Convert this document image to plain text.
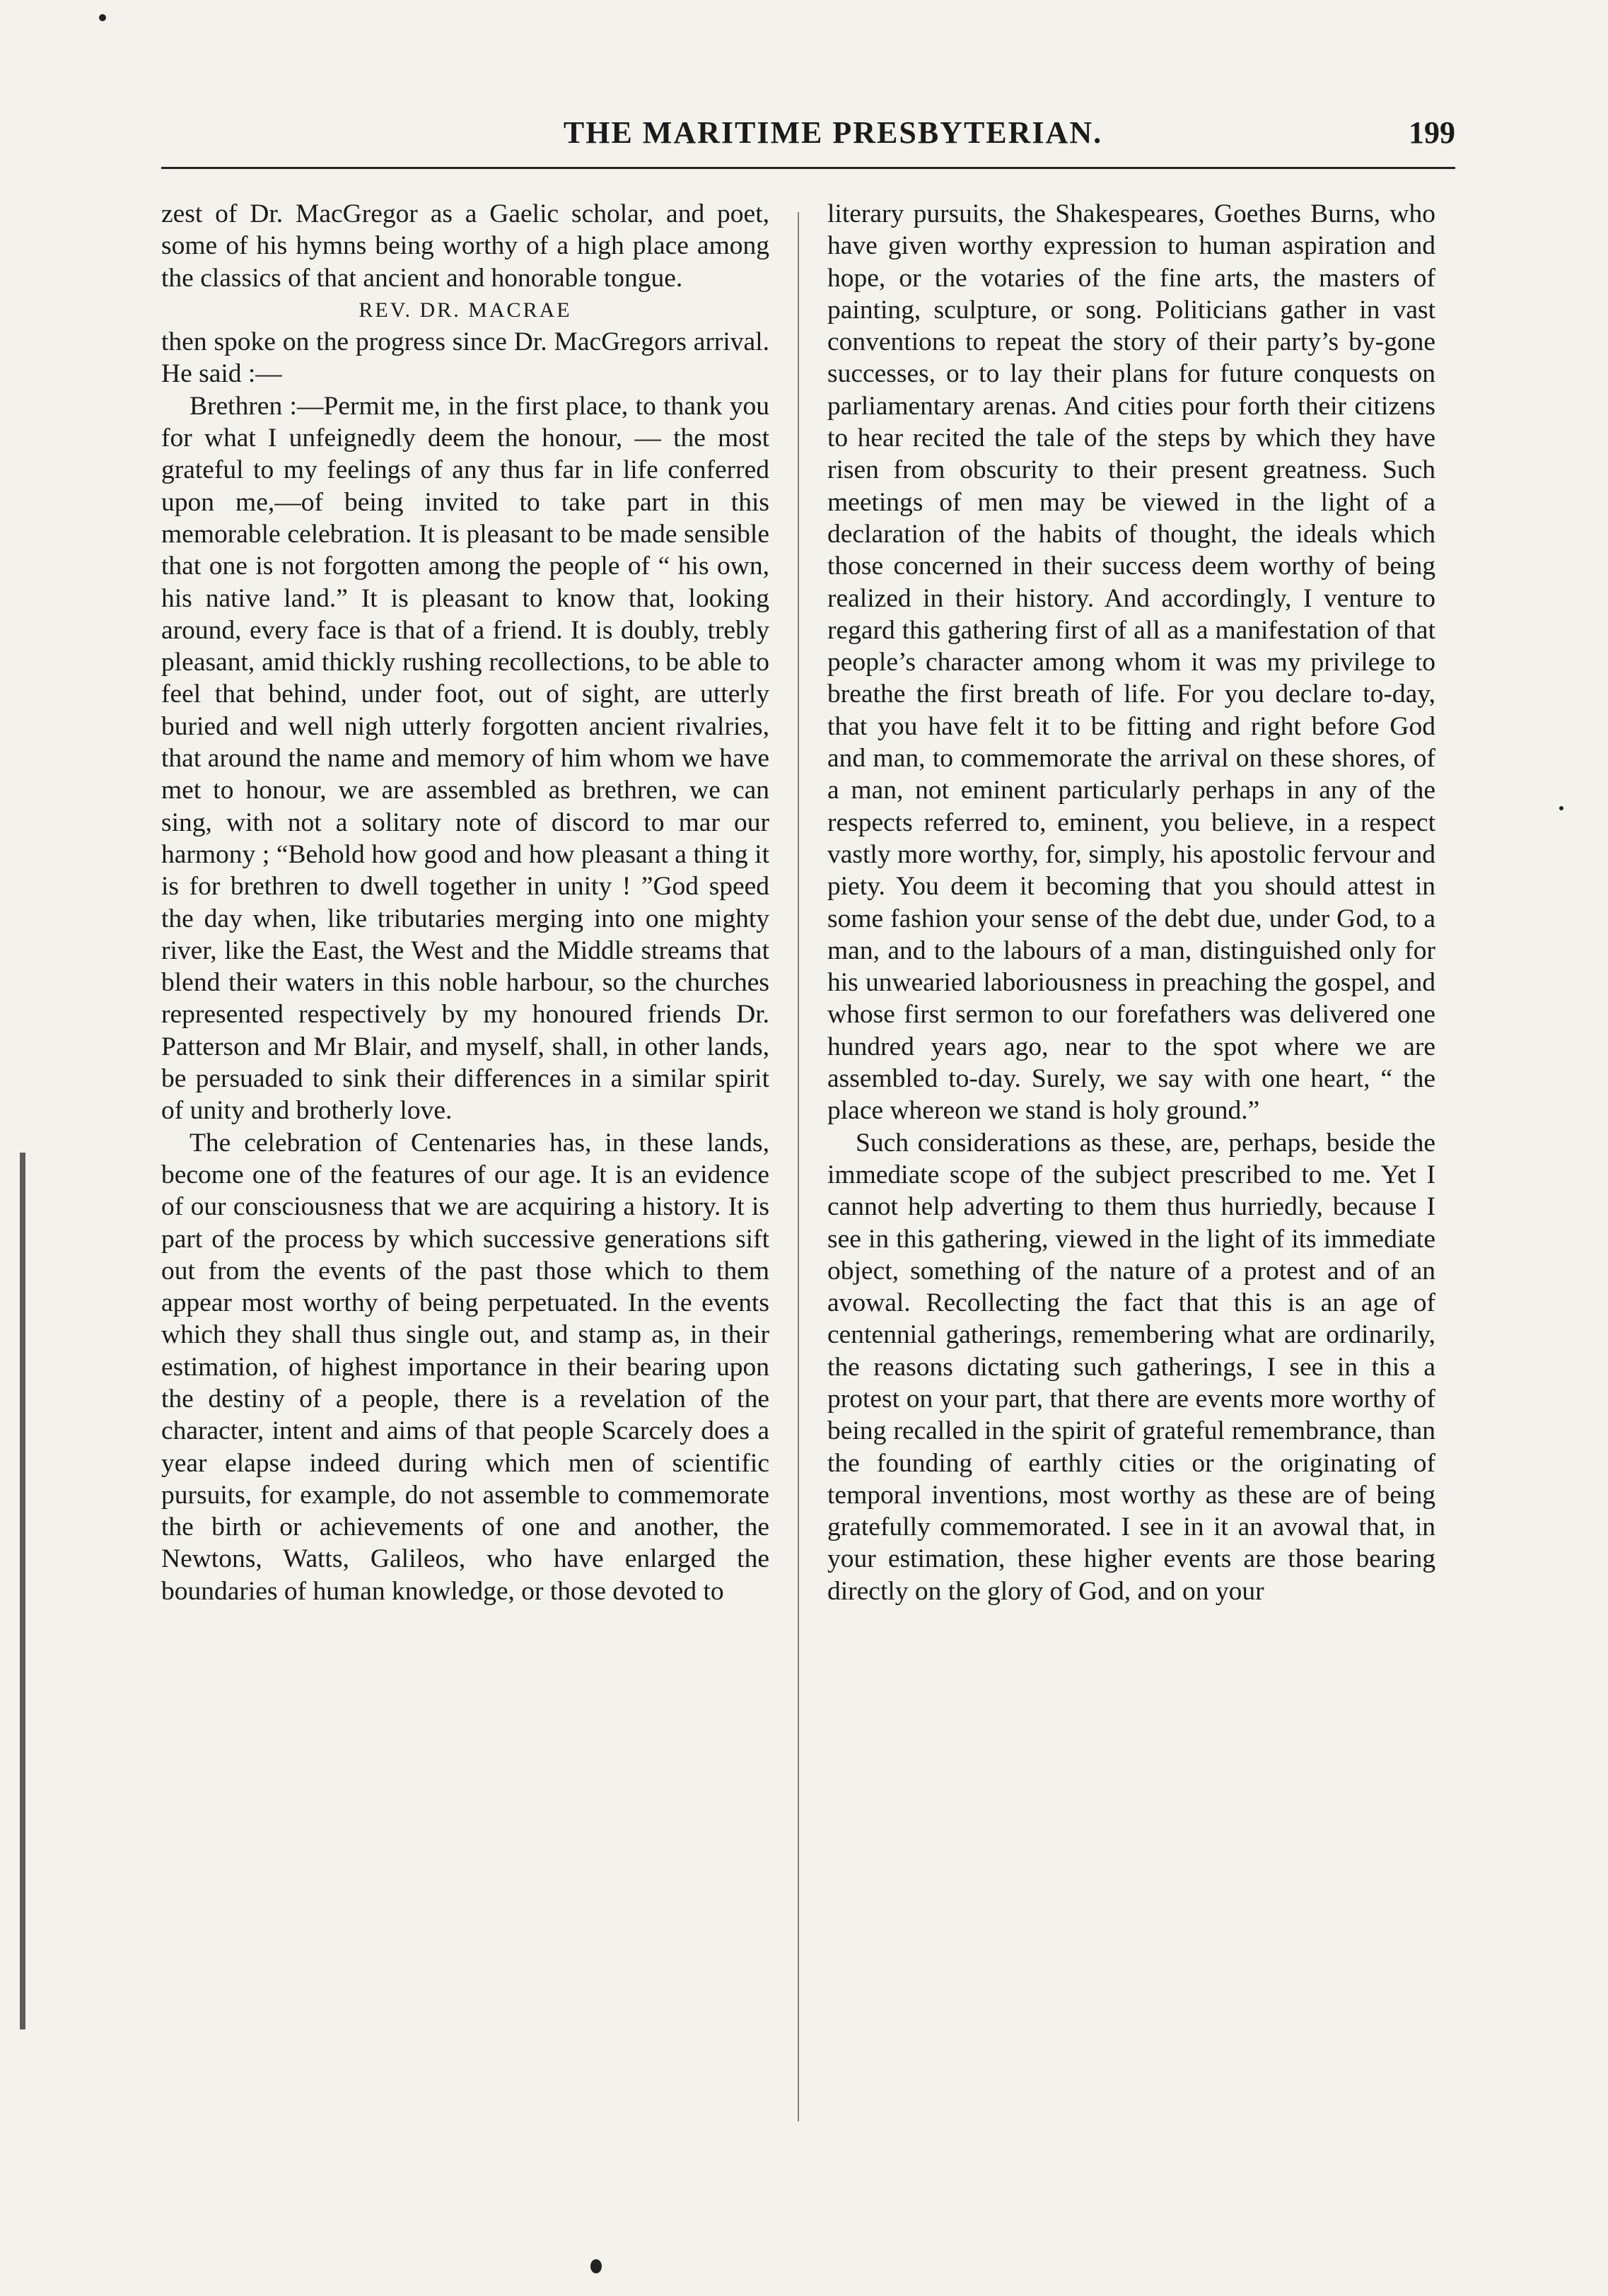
THE MARITIME PRESBYTERIAN.	199

zest of Dr. MacGregor as a Gaelic scholar, and poet, some of his hymns being worthy of a high place among the classics of that ancient and honorable tongue.

REV. DR. MACRAE

then spoke on the progress since Dr. MacGregors arrival. He said :—

Brethren :—Permit me, in the first place, to thank you for what I unfeignedly deem the honour, — the most grateful to my feelings of any thus far in life conferred upon me,—of being invited to take part in this memorable celebration. It is pleasant to be made sensible that one is not forgotten among the people of “ his own, his native land.” It is pleasant to know that, looking around, every face is that of a friend. It is doubly, trebly pleasant, amid thickly rushing recollections, to be able to feel that behind, under foot, out of sight, are utterly buried and well nigh utterly forgotten ancient rivalries, that around the name and memory of him whom we have met to honour, we are assembled as brethren, we can sing, with not a solitary note of discord to mar our harmony ; “Behold how good and how pleasant a thing it is for brethren to dwell together in unity ! ”God speed the day when, like tributaries merging into one mighty river, like the East, the West and the Middle streams that blend their waters in this noble harbour, so the churches represented respectively by my honoured friends Dr. Patterson and Mr Blair, and myself, shall, in other lands, be persuaded to sink their differences in a similar spirit of unity and brotherly love.

The celebration of Centenaries has, in these lands, become one of the features of our age. It is an evidence of our consciousness that we are acquiring a history. It is part of the process by which successive generations sift out from the events of the past those which to them appear most worthy of being perpetuated. In the events which they shall thus single out, and stamp as, in their estimation, of highest importance in their bearing upon the destiny of a people, there is a revelation of the character, intent and aims of that people Scarcely does a year elapse indeed during which men of scientific pursuits, for example, do not assemble to commemorate the birth or achievements of one and another, the Newtons, Watts, Galileos, who have enlarged the boundaries of human knowledge, or those devoted to

literary pursuits, the Shakespeares, Goethes Burns, who have given worthy expression to human aspiration and hope, or the votaries of the fine arts, the masters of painting, sculpture, or song. Politicians gather in vast conventions to repeat the story of their party’s by-gone successes, or to lay their plans for future conquests on parliamentary arenas. And cities pour forth their citizens to hear recited the tale of the steps by which they have risen from obscurity to their present greatness. Such meetings of men may be viewed in the light of a declaration of the habits of thought, the ideals which those concerned in their success deem worthy of being realized in their history. And accordingly, I venture to regard this gathering first of all as a manifestation of that people’s character among whom it was my privilege to breathe the first breath of life. For you declare to-day, that you have felt it to be fitting and right before God and man, to commemorate the arrival on these shores, of a man, not eminent particularly perhaps in any of the respects referred to, eminent, you believe, in a respect vastly more worthy, for, simply, his apostolic fervour and piety. You deem it becoming that you should attest in some fashion your sense of the debt due, under God, to a man, and to the labours of a man, distinguished only for his unwearied laboriousness in preaching the gospel, and whose first sermon to our forefathers was delivered one hundred years ago, near to the spot where we are assembled to-day. Surely, we say with one heart, “ the place whereon we stand is holy ground.”

Such considerations as these, are, perhaps, beside the immediate scope of the subject prescribed to me. Yet I cannot help adverting to them thus hurriedly, because I see in this gathering, viewed in the light of its immediate object, something of the nature of a protest and of an avowal. Recollecting the fact that this is an age of centennial gatherings, remembering what are ordinarily, the reasons dictating such gatherings, I see in this a protest on your part, that there are events more worthy of being recalled in the spirit of grateful remembrance, than the founding of earthly cities or the originating of temporal inventions, most worthy as these are of being gratefully commemorated. I see in it an avowal that, in your estimation, these higher events are those bearing directly on the glory of God, and on your
